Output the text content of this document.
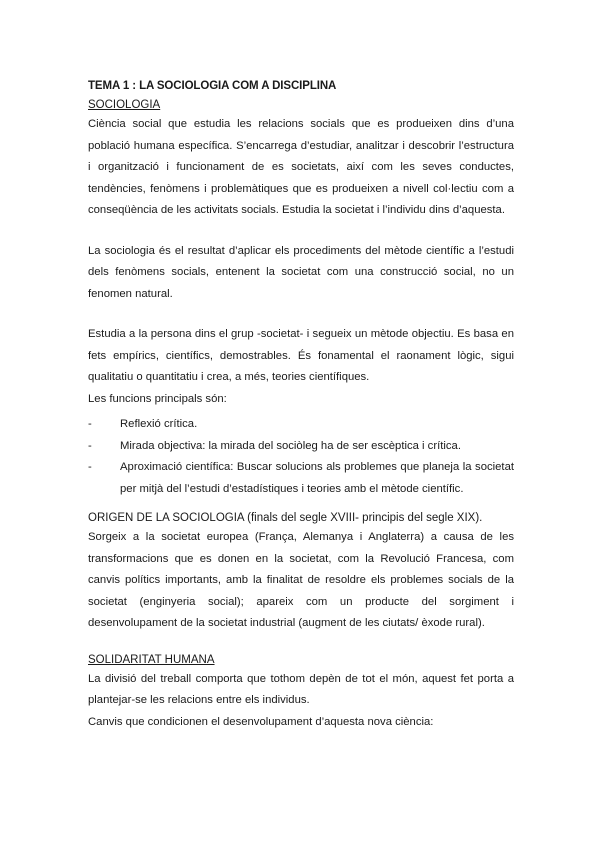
TEMA 1 : LA SOCIOLOGIA COM A DISCIPLINA
SOCIOLOGIA

Ciència social que estudia les relacions socials que es produeixen dins d’una població humana específica. S’encarrega d’estudiar, analitzar i descobrir l’estructura i organització i funcionament de es societats, així com les seves conductes, tendències, fenòmens i problemàtiques que es produeixen a nivell col·lectiu com a conseqüència de les activitats socials. Estudia la societat i l’individu dins d’aquesta.

La sociologia és el resultat d’aplicar els procediments del mètode científic a l’estudi dels fenòmens socials, entenent la societat com una construcció social, no un fenomen natural.

Estudia a la persona dins el grup -societat- i segueix un mètode objectiu. Es basa en fets empírics, científics, demostrables. És fonamental el raonament lògic, sigui qualitatiu o quantitatiu i crea, a més, teories científiques.

Les funcions principals són:

- Reflexió crítica.
- Mirada objectiva: la mirada del sociòleg ha de ser escèptica i crítica.
- Aproximació científica: Buscar solucions als problemes que planeja la societat per mitjà del l’estudi d’estadístiques i teories amb el mètode científic.
ORIGEN DE LA SOCIOLOGIA (finals del segle XVIII- principis del segle XIX).

Sorgeix a la societat europea (França, Alemanya i Anglaterra) a causa de les transformacions que es donen en la societat, com la Revolució Francesa, com canvis polítics importants, amb la finalitat de resoldre els problemes socials de la societat (enginyeria social); apareix com un producte del sorgiment i desenvolupament de la societat industrial (augment de les ciutats/ èxode rural).

SOLIDARITAT HUMANA

La divisió del treball comporta que tothom depèn de tot el món, aquest fet porta a plantejar-se les relacions entre els individus.

Canvis que condicionen el desenvolupament d’aquesta nova ciència:
